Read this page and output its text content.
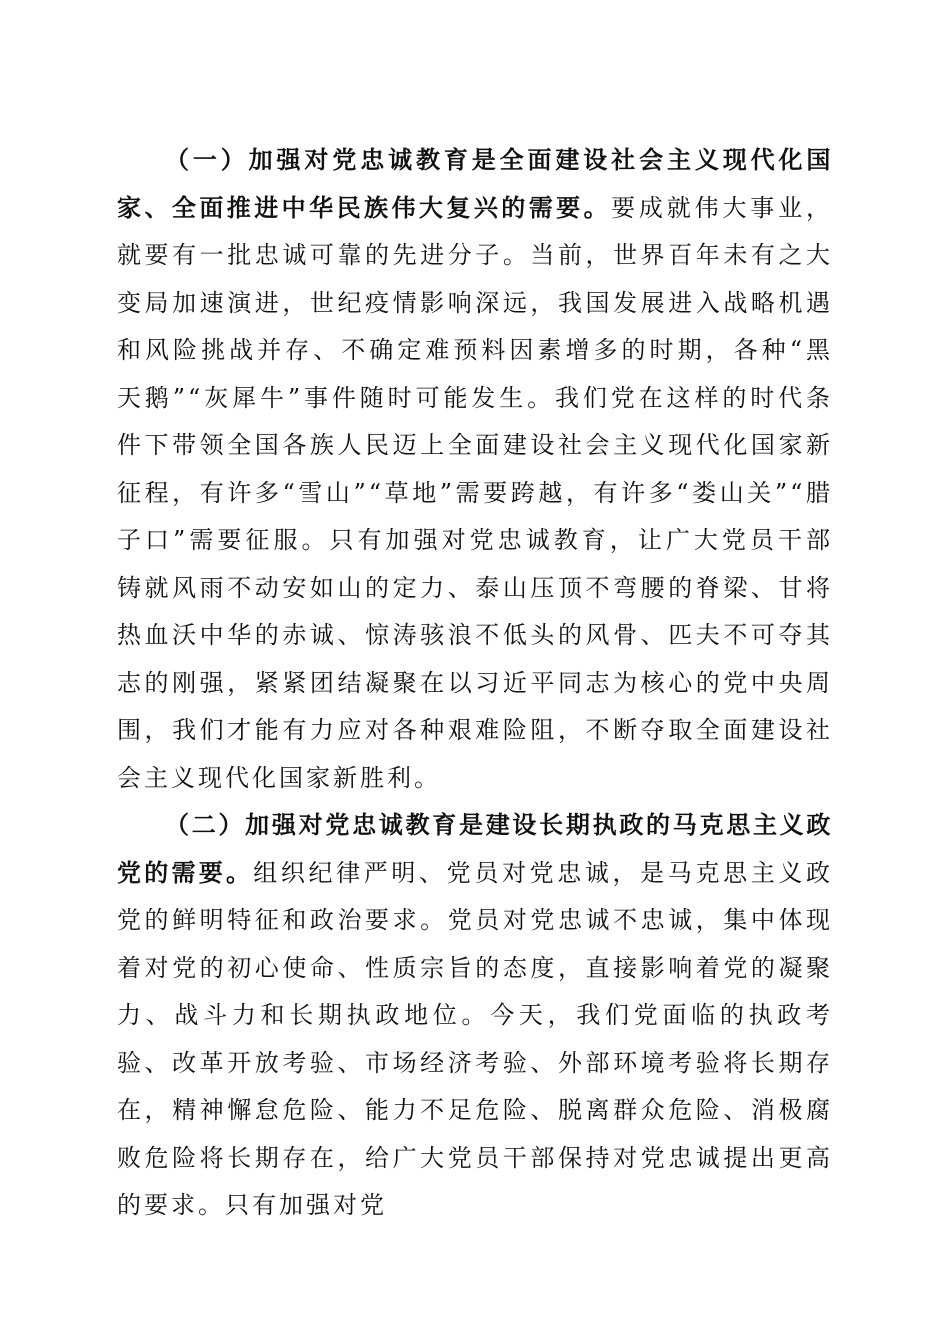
（一）加强对党忠诚教育是全面建设社会主义现代化国家、全面推进中华民族伟大复兴的需要。要成就伟大事业，就要有一批忠诚可靠的先进分子。当前，世界百年未有之大变局加速演进，世纪疫情影响深远，我国发展进入战略机遇和风险挑战并存、不确定难预料因素增多的时期，各种“黑天鹅”“灰犀牛”事件随时可能发生。我们党在这样的时代条件下带领全国各族人民迈上全面建设社会主义现代化国家新征程，有许多“雪山”“草地”需要跨越，有许多“娄山关”“腊子口”需要征服。只有加强对党忠诚教育，让广大党员干部铸就风雨不动安如山的定力、泰山压顶不弯腰的脊梁、甘将热血沃中华的赤诚、惊涛骇浪不低头的风骨、匹夫不可夺其志的刚强，紧紧团结凝聚在以习近平同志为核心的党中央周围，我们才能有力应对各种艰难险阻，不断夺取全面建设社会主义现代化国家新胜利。

（二）加强对党忠诚教育是建设长期执政的马克思主义政党的需要。组织纪律严明、党员对党忠诚，是马克思主义政党的鲜明特征和政治要求。党员对党忠诚不忠诚，集中体现着对党的初心使命、性质宗旨的态度，直接影响着党的凝聚力、战斗力和长期执政地位。今天，我们党面临的执政考验、改革开放考验、市场经济考验、外部环境考验将长期存在，精神懈怠危险、能力不足危险、脱离群众危险、消极腐败危险将长期存在，给广大党员干部保持对党忠诚提出更高的要求。只有加强对党
